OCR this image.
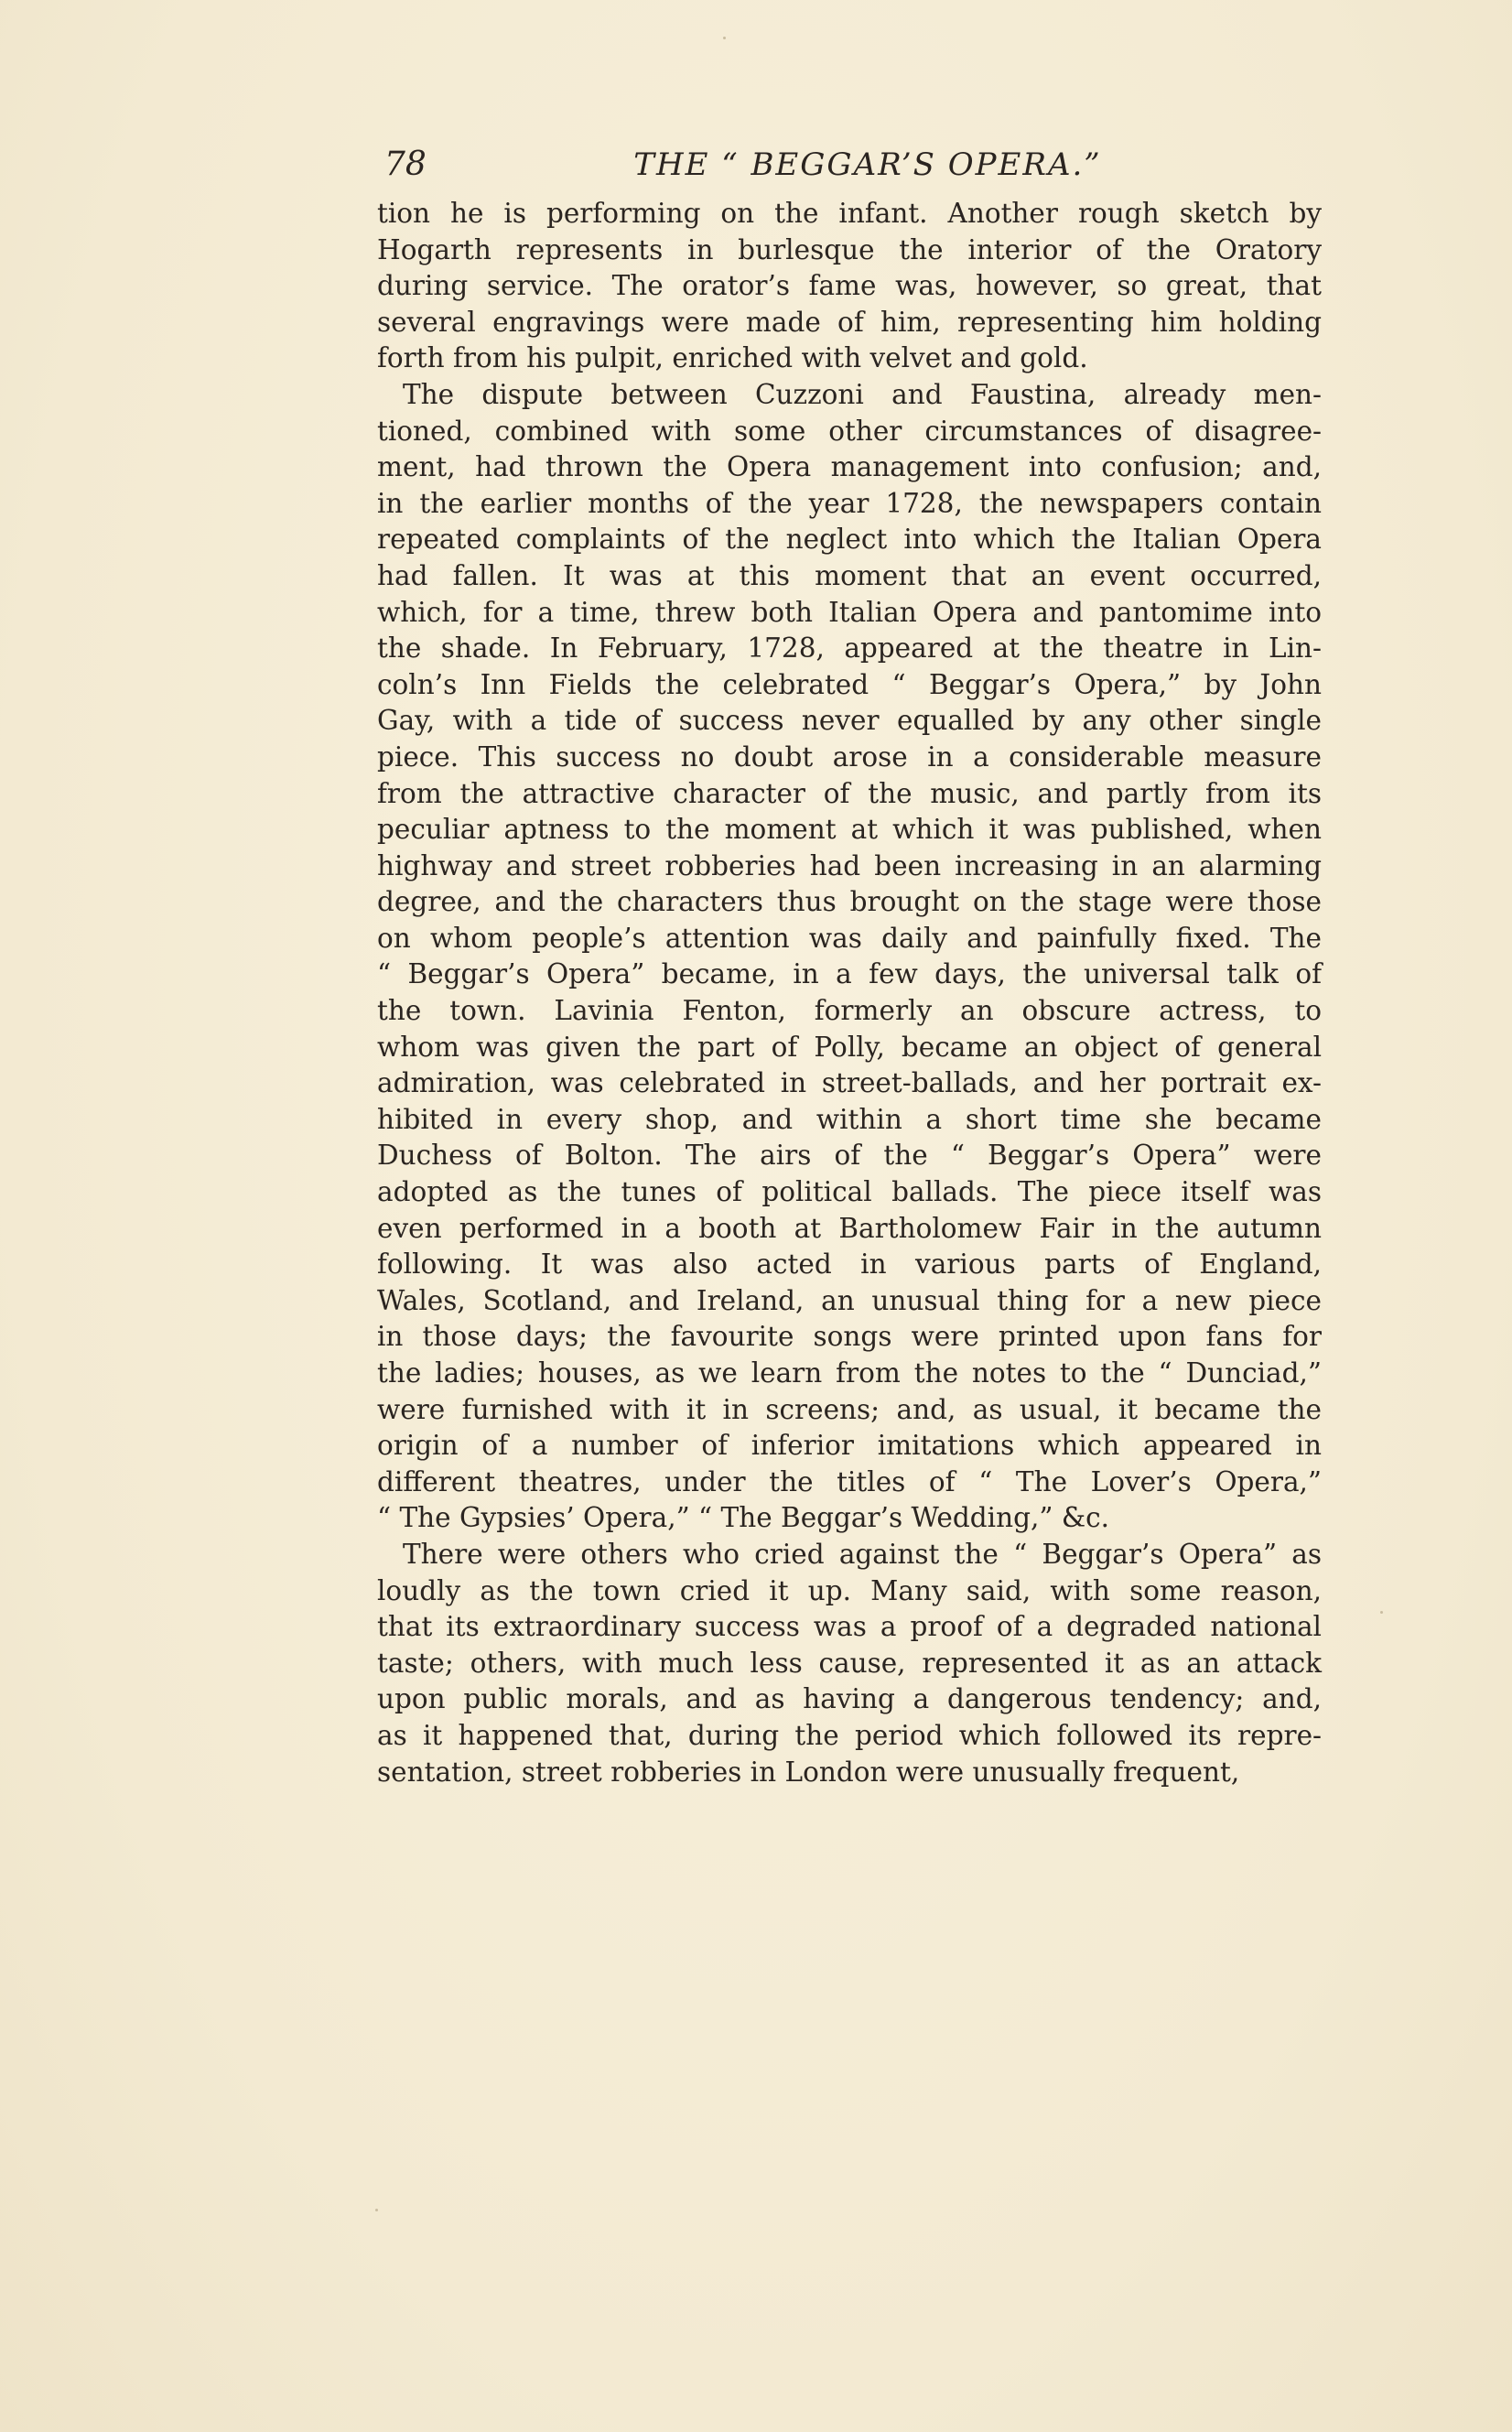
78	THE “ BEGGAR’S OPERA.”

tion he is performing on the infant. Another rough sketch by
Hogarth represents in burlesque the interior of the Oratory
during service. The orator’s fame was, however, so great, that
several engravings were made of him, representing him holding
forth from his pulpit, enriched with velvet and gold.

The dispute between Cuzzoni and Faustina, already men-
tioned, combined with some other circumstances of disagree-
ment, had thrown the Opera management into confusion; and,
in the earlier months of the year 1728, the newspapers contain
repeated complaints of the neglect into which the Italian Opera
had fallen. It was at this moment that an event occurred,
which, for a time, threw both Italian Opera and pantomime into
the shade. In February, 1728, appeared at the theatre in Lin-
coln’s Inn Fields the celebrated “ Beggar’s Opera,” by John
Gay, with a tide of success never equalled by any other single
piece. This success no doubt arose in a considerable measure
from the attractive character of the music, and partly from its
peculiar aptness to the moment at which it was published, when
highway and street robberies had been increasing in an alarming
degree, and the characters thus brought on the stage were those
on whom people’s attention was daily and painfully fixed. The
“ Beggar’s Opera” became, in a few days, the universal talk of
the town. Lavinia Fenton, formerly an obscure actress, to
whom was given the part of Polly, became an object of general
admiration, was celebrated in street-ballads, and her portrait ex-
hibited in every shop, and within a short time she became
Duchess of Bolton. The airs of the “ Beggar’s Opera” were
adopted as the tunes of political ballads. The piece itself was
even performed in a booth at Bartholomew Fair in the autumn
following. It was also acted in various parts of England,
Wales, Scotland, and Ireland, an unusual thing for a new piece
in those days; the favourite songs were printed upon fans for
the ladies; houses, as we learn from the notes to the “ Dunciad,”
were furnished with it in screens; and, as usual, it became the
origin of a number of inferior imitations which appeared in
different theatres, under the titles of “ The Lover’s Opera,”
“ The Gypsies’ Opera,” “ The Beggar’s Wedding,” &c.

There were others who cried against the “ Beggar’s Opera” as
loudly as the town cried it up. Many said, with some reason,
that its extraordinary success was a proof of a degraded national
taste; others, with much less cause, represented it as an attack
upon public morals, and as having a dangerous tendency; and,
as it happened that, during the period which followed its repre-
sentation, street robberies in London were unusually frequent,
